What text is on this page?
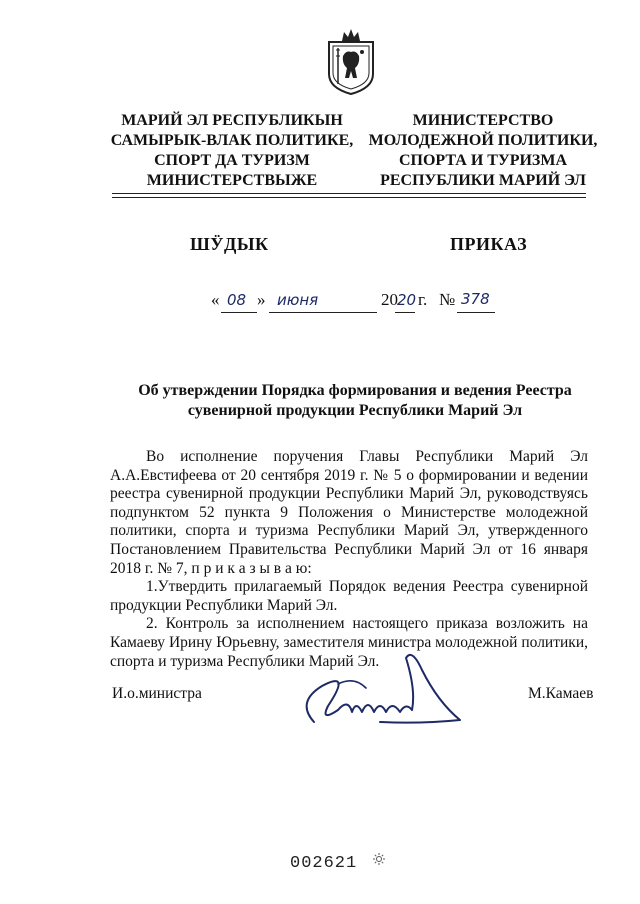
МАРИЙ ЭЛ РЕСПУБЛИКЫН
САМЫРЫК-ВЛАК ПОЛИТИКЕ,
СПОРТ ДА ТУРИЗМ
МИНИСТЕРСТВЫЖЕ
МИНИСТЕРСТВО
МОЛОДЕЖНОЙ ПОЛИТИКИ,
СПОРТА И ТУРИЗМА
РЕСПУБЛИКИ МАРИЙ ЭЛ
ШӰДЫК	ПРИКАЗ
« 08 » июня	20 20 г. № 378
Об утверждении Порядка формирования и ведения Реестра
сувенирной продукции Республики Марий Эл

Во исполнение поручения Главы Республики Марий Эл А.А.Евстифеева от 20 сентября 2019 г. № 5 о формировании и ведении реестра сувенирной продукции Республики Марий Эл, руководствуясь подпунктом 52 пункта 9 Положения о Министерстве молодежной политики, спорта и туризма Республики Марий Эл, утвержденного Постановлением Правительства Республики Марий Эл от 16 января 2018 г. № 7, п р и к а з ы в а ю:

1.Утвердить прилагаемый Порядок ведения Реестра сувенирной продукции Республики Марий Эл.

2. Контроль за исполнением настоящего приказа возложить на Камаеву Ирину Юрьевну, заместителя министра молодежной политики, спорта и туризма Республики Марий Эл.

И.о.министра	М.Камаев
002621
